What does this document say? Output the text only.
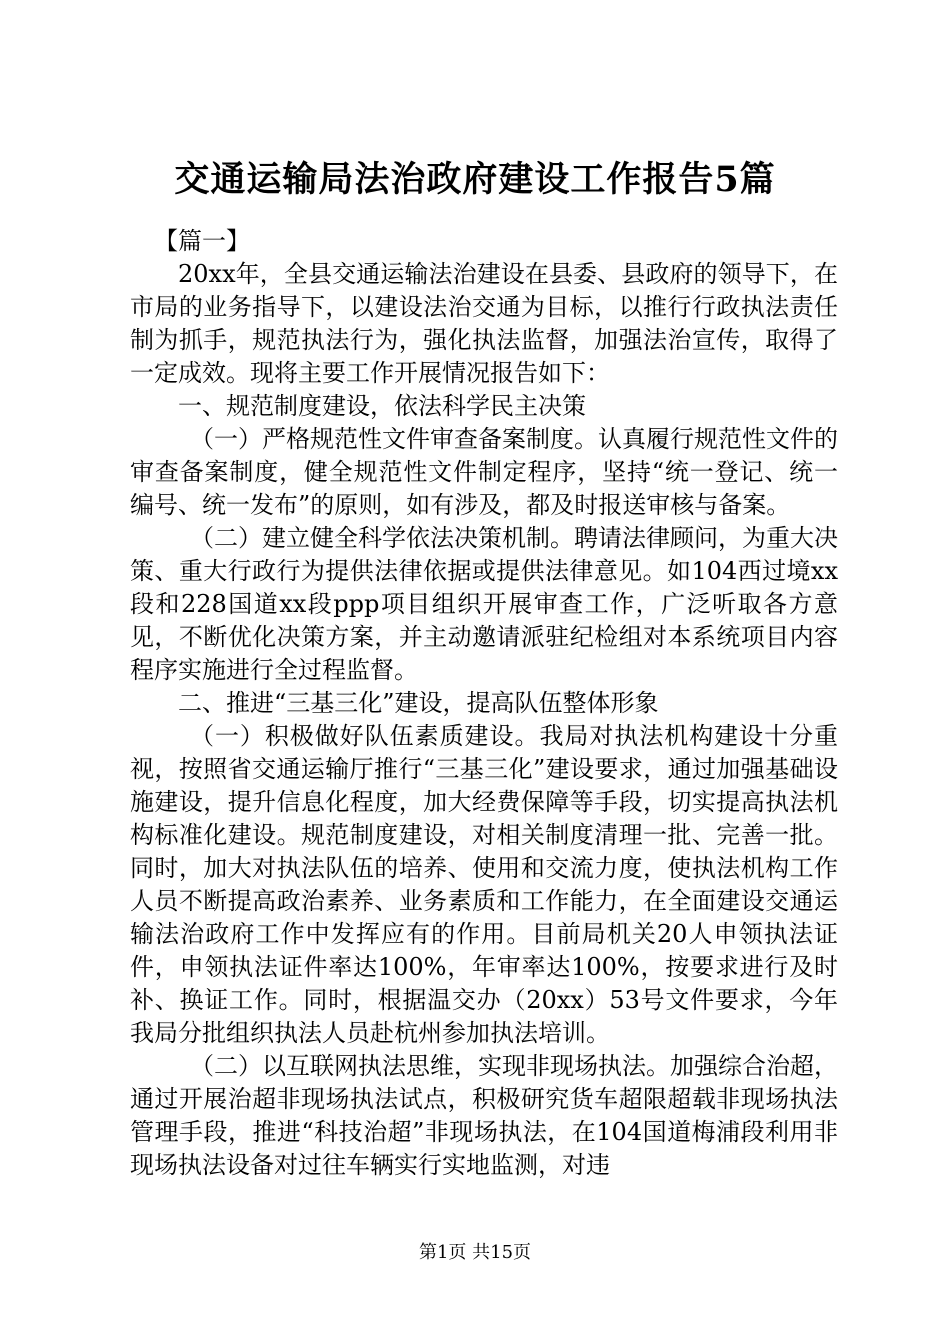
交通运输局法治政府建设工作报告5篇

【篇一】

20xx年，全县交通运输法治建设在县委、县政府的领导下，在市局的业务指导下，以建设法治交通为目标，以推行行政执法责任制为抓手，规范执法行为，强化执法监督，加强法治宣传，取得了一定成效。现将主要工作开展情况报告如下：

一、规范制度建设，依法科学民主决策

（一）严格规范性文件审查备案制度。认真履行规范性文件的审查备案制度，健全规范性文件制定程序，坚持“统一登记、统一编号、统一发布”的原则，如有涉及，都及时报送审核与备案。

（二）建立健全科学依法决策机制。聘请法律顾问，为重大决策、重大行政行为提供法律依据或提供法律意见。如104西过境xx段和228国道xx段ppp项目组织开展审查工作，广泛听取各方意见，不断优化决策方案，并主动邀请派驻纪检组对本系统项目内容程序实施进行全过程监督。

二、推进“三基三化”建设，提高队伍整体形象

（一）积极做好队伍素质建设。我局对执法机构建设十分重视，按照省交通运输厅推行“三基三化”建设要求，通过加强基础设施建设，提升信息化程度，加大经费保障等手段，切实提高执法机构标准化建设。规范制度建设，对相关制度清理一批、完善一批。同时，加大对执法队伍的培养、使用和交流力度，使执法机构工作人员不断提高政治素养、业务素质和工作能力，在全面建设交通运输法治政府工作中发挥应有的作用。目前局机关20人申领执法证件，申领执法证件率达100%，年审率达100%，按要求进行及时补、换证工作。同时，根据温交办（20xx）53号文件要求，今年我局分批组织执法人员赴杭州参加执法培训。

（二）以互联网执法思维，实现非现场执法。加强综合治超，通过开展治超非现场执法试点，积极研究货车超限超载非现场执法管理手段，推进“科技治超”非现场执法，在104国道梅浦段利用非现场执法设备对过往车辆实行实地监测，对违

第1页 共15页
